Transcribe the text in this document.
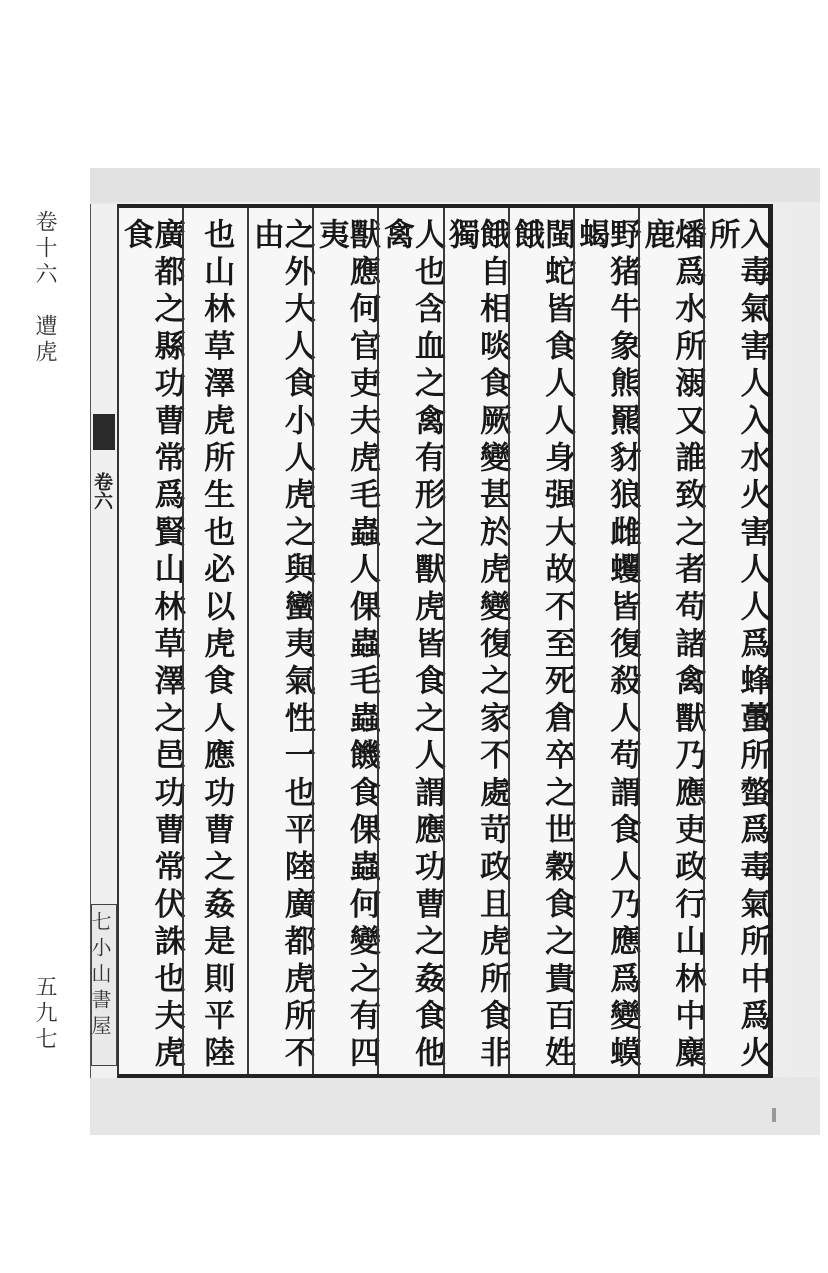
卷十六　遭虎
五九七
卷六
七小山書屋	入毒氣害人入水火害人人爲蜂蠆所螫爲毒氣所中爲火所
燔爲水所溺又誰致之者苟諸禽獸乃應吏政行山林中麋鹿
野猪牛象熊羆豺狼雌蠼皆復殺人苟謂食人乃應爲變蟆蝎
閩蛇皆食人人身强大故不至死倉卒之世穀食之貴百姓餓
餓自相啖食厥變甚於虎變復之家不處苛政且虎所食非獨
人也含血之禽有形之獸虎皆食之人謂應功曹之姦食他禽
獸應何官吏夫虎毛蟲人倮蟲毛蟲饑食倮蟲何變之有四夷
之外大人食小人虎之與蠻夷氣性一也平陸廣都虎所不由
也山林草澤虎所生也必以虎食人應功曹之姦是則平陸
廣都之縣功曹常爲賢山林草澤之邑功曹常伏誅也夫虎食
